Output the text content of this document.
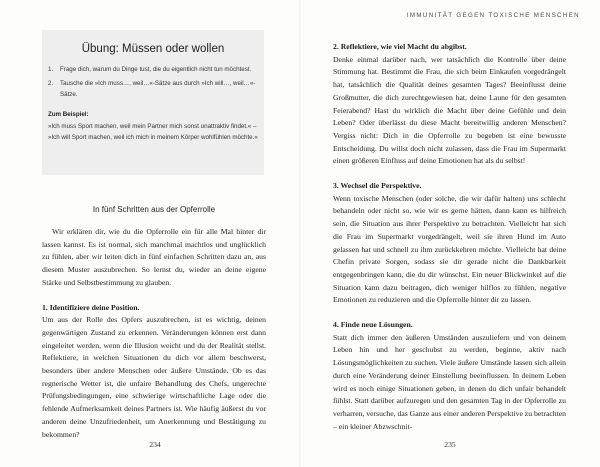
Übung: Müssen oder wollen
1. Frage dich, warum du Dinge tust, die du eigentlich nicht tun möchtest.
2. Tausche die »Ich muss…, weil…«-Sätze aus durch »Ich will…, weil…«-Sätze.
Zum Beispiel:
»Ich muss Sport machen, weil mein Partner mich sonst unattraktiv findet.« – »Ich will Sport machen, weil ich mich in meinem Körper wohlfühlen möchte.«
In fünf Schritten aus der Opferrolle

Wir erklären dir, wie du die Opferrolle ein für alle Mal hinter dir lassen kannst. Es ist normal, sich manchmal machtlos und unglücklich zu fühlen, aber wir leiten dich in fünf einfachen Schritten dazu an, aus diesem Muster auszubrechen. So lernst du, wieder an deine eigene Stärke und Selbstbestimmung zu glauben.

1. Identifiziere deine Position.

Um aus der Rolle des Opfers auszubrechen, ist es wichtig, deinen gegenwärtigen Zustand zu erkennen. Veränderungen können erst dann eingeleitet werden, wenn die Illusion weicht und du der Realität stellst. Reflektiere, in welchen Situationen du dich vor allem beschwerst, besonders über andere Menschen oder äußere Umstände. Ob es das regnerische Wetter ist, die unfaire Behandlung des Chefs, ungerechte Prüfungsbedingungen, eine schwierige wirtschaftliche Lage oder die fehlende Aufmerksamkeit deines Partners ist. Wie häufig äußerst du vor anderen deine Unzufriedenheit, um Anerkennung und Bestätigung zu bekommen?

234
IMMUNITÄT GEGEN TOXISCHE MENSCHEN
2. Reflektiere, wie viel Macht du abgibst.

Denke einmal darüber nach, wer tatsächlich die Kontrolle über deine Stimmung hat. Bestimmt die Frau, die sich beim Einkaufen vorgedrängelt hat, tatsächlich die Qualität deines gesamten Tages? Beeinflusst deine Großmutter, die dich zurechtgewiesen hat, deine Laune für den gesamten Feierabend? Hast du wirklich die Macht über deine Gefühle und dein Leben? Oder überlässt du diese Macht bereitwillig anderen Menschen? Vergiss nicht: Dich in die Opferrolle zu begeben ist eine bewusste Entscheidung. Du willst doch nicht zulassen, dass die Frau im Supermarkt einen größeren Einfluss auf deine Emotionen hat als du selbst!

3. Wechsel die Perspektive.

Wenn toxische Menschen (oder solche, die wir dafür halten) uns schlecht behandeln oder nicht so, wie wir es gerne hätten, dann kann es hilfreich sein, die Situation aus ihrer Perspektive zu betrachten. Vielleicht hat sich die Frau im Supermarkt vorgedrängelt, weil sie ihren Hund im Auto gelassen hat und schnell zu ihm zurückkehren möchte. Vielleicht hat deine Chefin private Sorgen, sodass sie dir gerade nicht die Dankbarkeit entgegenbringen kann, die du dir wünschst. Ein neuer Blickwinkel auf die Situation kann dazu beitragen, dich weniger hilflos zu fühlen, negative Emotionen zu reduzieren und die Opferrolle hinter dir zu lassen.

4. Finde neue Lösungen.

Statt dich immer den äußeren Umständen auszuliefern und von deinem Leben hin und her geschubst zu werden, beginne, aktiv nach Lösungsmöglichkeiten zu suchen. Viele äußere Umstände lassen sich allein durch eine Veränderung deiner Einstellung beeinflussen. In deinem Leben wird es noch einige Situationen geben, in denen du dich unfair behandelt fühlst. Statt darüber aufzuregen und den gesamten Tag in der Opferrolle zu verharren, versuche, das Ganze aus einer anderen Perspektive zu betrachten – ein kleiner Abzwschnit-

235
